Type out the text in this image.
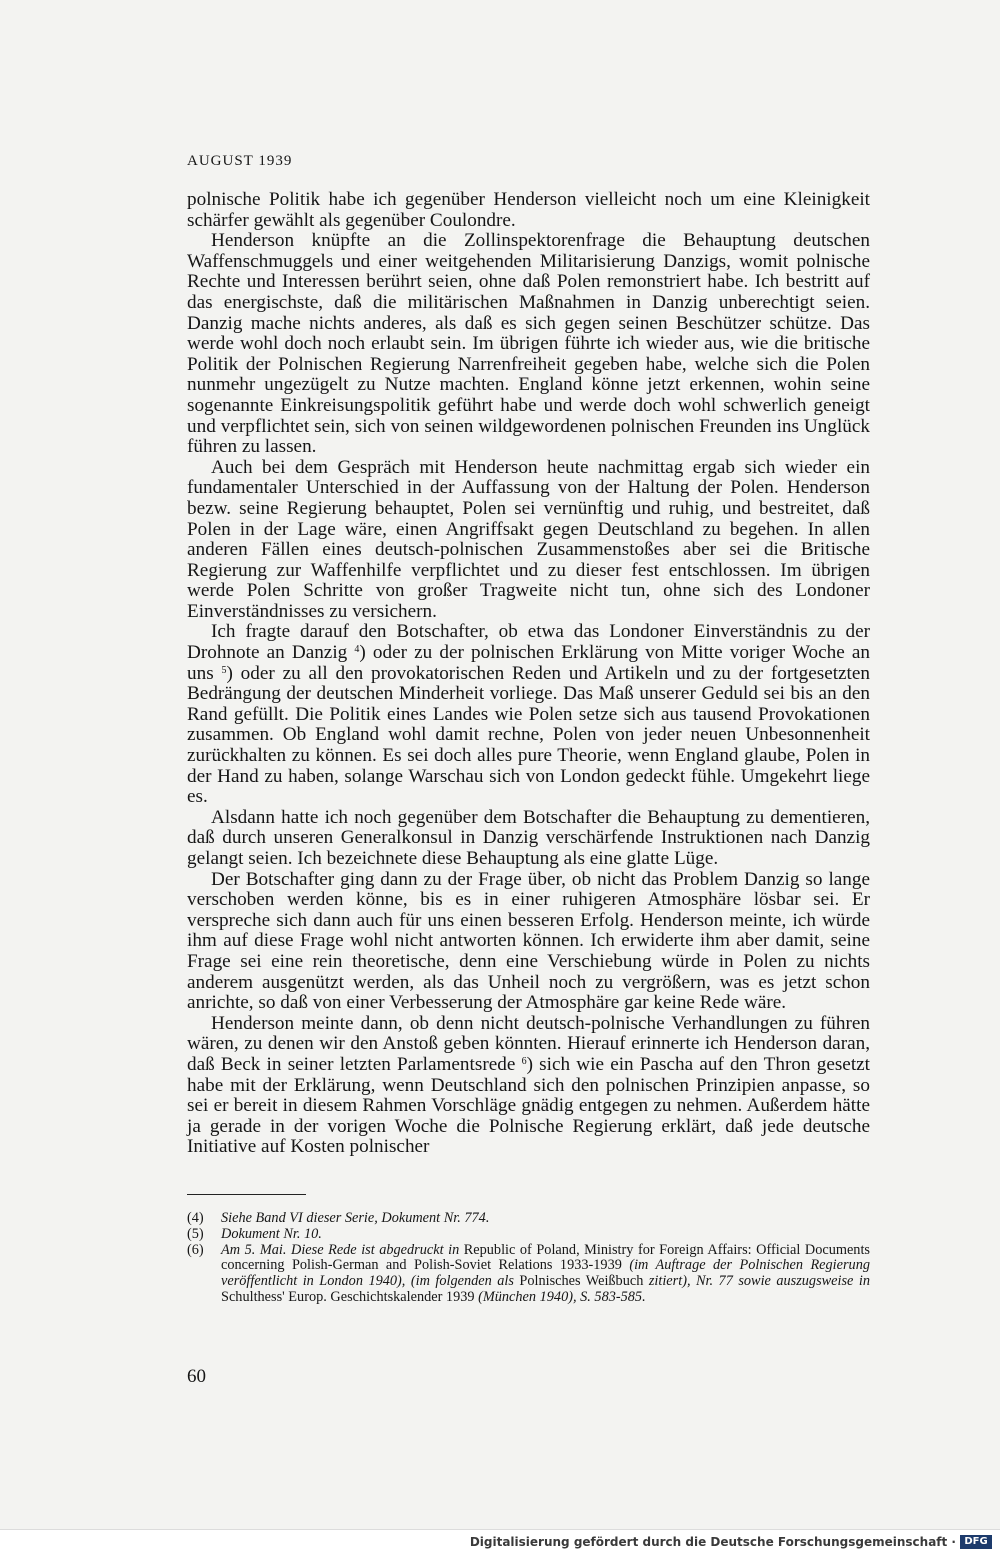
AUGUST 1939

polnische Politik habe ich gegenüber Henderson vielleicht noch um eine Kleinigkeit schärfer gewählt als gegenüber Coulondre.

Henderson knüpfte an die Zollinspektorenfrage die Behauptung deutschen Waffenschmuggels und einer weitgehenden Militarisierung Danzigs, womit polnische Rechte und Interessen berührt seien, ohne daß Polen remonstriert habe. Ich bestritt auf das energischste, daß die militärischen Maßnahmen in Danzig unberechtigt seien. Danzig mache nichts anderes, als daß es sich gegen seinen Beschützer schütze. Das werde wohl doch noch erlaubt sein. Im übrigen führte ich wieder aus, wie die britische Politik der Polnischen Regierung Narrenfreiheit gegeben habe, welche sich die Polen nunmehr ungezügelt zu Nutze machten. England könne jetzt erkennen, wohin seine sogenannte Einkreisungspolitik geführt habe und werde doch wohl schwerlich geneigt und verpflichtet sein, sich von seinen wildgewordenen polnischen Freunden ins Unglück führen zu lassen.

Auch bei dem Gespräch mit Henderson heute nachmittag ergab sich wieder ein fundamentaler Unterschied in der Auffassung von der Haltung der Polen. Henderson bezw. seine Regierung behauptet, Polen sei vernünftig und ruhig, und bestreitet, daß Polen in der Lage wäre, einen Angriffsakt gegen Deutschland zu begehen. In allen anderen Fällen eines deutsch-polnischen Zusammenstoßes aber sei die Britische Regierung zur Waffenhilfe verpflichtet und zu dieser fest entschlossen. Im übrigen werde Polen Schritte von großer Tragweite nicht tun, ohne sich des Londoner Einverständnisses zu versichern.

Ich fragte darauf den Botschafter, ob etwa das Londoner Einverständnis zu der Drohnote an Danzig $^4$) oder zu der polnischen Erklärung von Mitte voriger Woche an uns $^5$) oder zu all den provokatorischen Reden und Artikeln und zu der fortgesetzten Bedrängung der deutschen Minderheit vorliege. Das Maß unserer Geduld sei bis an den Rand gefüllt. Die Politik eines Landes wie Polen setze sich aus tausend Provokationen zusammen. Ob England wohl damit rechne, Polen von jeder neuen Unbesonnenheit zurückhalten zu können. Es sei doch alles pure Theorie, wenn England glaube, Polen in der Hand zu haben, solange Warschau sich von London gedeckt fühle. Umgekehrt liege es.

Alsdann hatte ich noch gegenüber dem Botschafter die Behauptung zu dementieren, daß durch unseren Generalkonsul in Danzig verschärfende Instruktionen nach Danzig gelangt seien. Ich bezeichnete diese Behauptung als eine glatte Lüge.

Der Botschafter ging dann zu der Frage über, ob nicht das Problem Danzig so lange verschoben werden könne, bis es in einer ruhigeren Atmosphäre lösbar sei. Er verspreche sich dann auch für uns einen besseren Erfolg. Henderson meinte, ich würde ihm auf diese Frage wohl nicht antworten können. Ich erwiderte ihm aber damit, seine Frage sei eine rein theoretische, denn eine Verschiebung würde in Polen zu nichts anderem ausgenützt werden, als das Unheil noch zu vergrößern, was es jetzt schon anrichte, so daß von einer Verbesserung der Atmosphäre gar keine Rede wäre.

Henderson meinte dann, ob denn nicht deutsch-polnische Verhandlungen zu führen wären, zu denen wir den Anstoß geben könnten. Hierauf erinnerte ich Henderson daran, daß Beck in seiner letzten Parlamentsrede $^6$) sich wie ein Pascha auf den Thron gesetzt habe mit der Erklärung, wenn Deutschland sich den polnischen Prinzipien anpasse, so sei er bereit in diesem Rahmen Vorschläge gnädig entgegen zu nehmen. Außerdem hätte ja gerade in der vorigen Woche die Polnische Regierung erklärt, daß jede deutsche Initiative auf Kosten polnischer

(4)	Siehe Band VI dieser Serie, Dokument Nr. 774.
(5)	Dokument Nr. 10.
(6)	Am 5. Mai. Diese Rede ist abgedruckt in Republic of Poland, Ministry for Foreign Affairs: Official Documents concerning Polish-German and Polish-Soviet Relations 1933-1939 (im Auftrage der Polnischen Regierung veröffentlicht in London 1940), (im folgenden als Polnisches Weißbuch zitiert), Nr. 77 sowie auszugsweise in Schulthess' Europ. Geschichtskalender 1939 (München 1940), S. 583-585.
60
Digitalisierung gefördert durch die Deutsche Forschungsgemeinschaft · DFG
